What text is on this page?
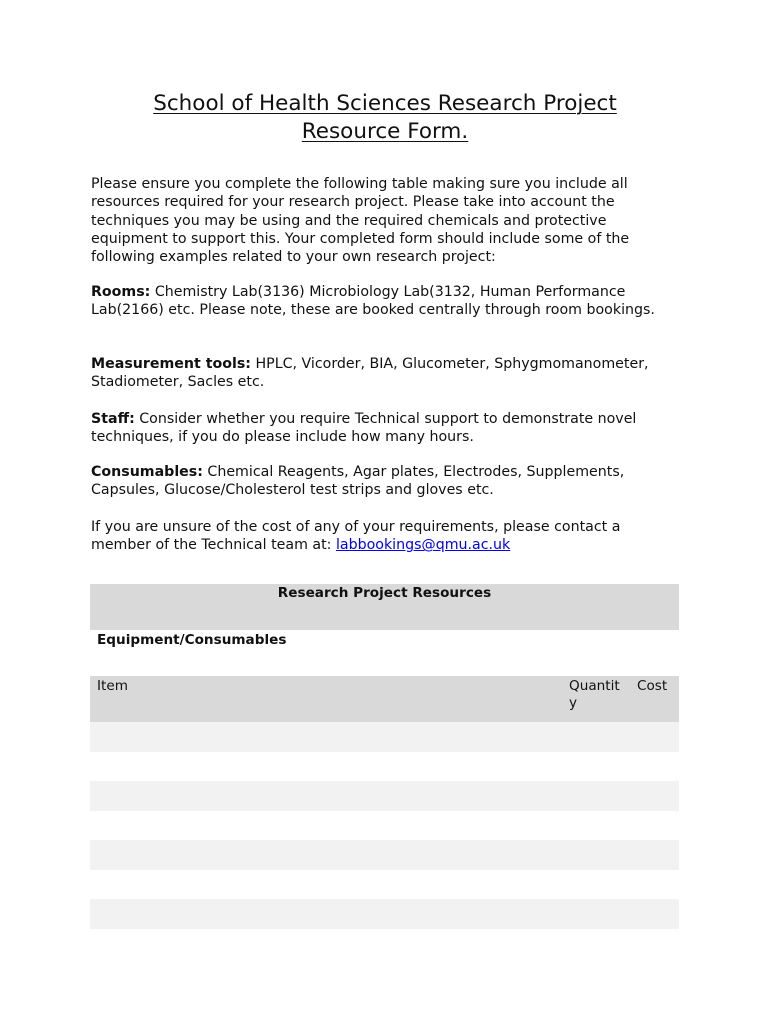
School of Health Sciences Research Project
Resource Form.
Please ensure you complete the following table making sure you include all resources required for your research project. Please take into account the techniques you may be using and the required chemicals and protective equipment to support this. Your completed form should include some of the following examples related to your own research project:
Rooms: Chemistry Lab(3136) Microbiology Lab(3132, Human Performance Lab(2166) etc. Please note, these are booked centrally through room bookings.
Measurement tools: HPLC, Vicorder, BIA, Glucometer, Sphygmomanometer, Stadiometer, Sacles etc.
Staff: Consider whether you require Technical support to demonstrate novel techniques, if you do please include how many hours.
Consumables: Chemical Reagents, Agar plates, Electrodes, Supplements, Capsules, Glucose/Cholesterol test strips and gloves etc.
If you are unsure of the cost of any of your requirements, please contact a member of the Technical team at: labbookings@qmu.ac.uk
Research Project Resources
Equipment/Consumables
Item	Quantity
Cost
